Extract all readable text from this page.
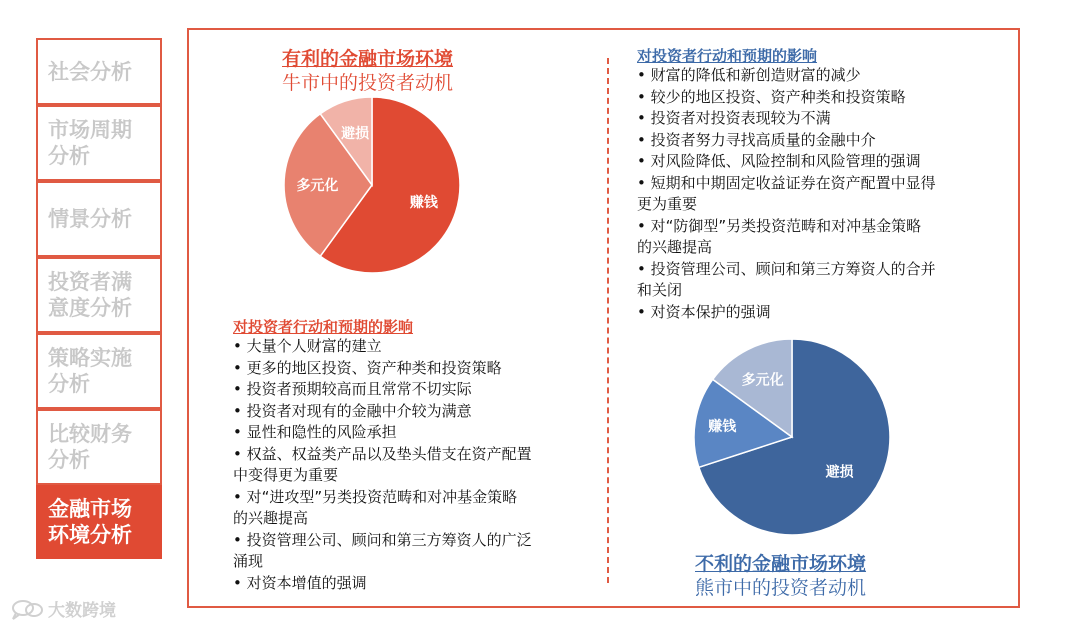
社会分析
市场周期分析
情景分析
投资者满意度分析
策略实施分析
比较财务分析
金融市场环境分析
有利的金融市场环境
牛市中的投资者动机
赚钱
多元化
避损
对投资者行动和预期的影响
• 大量个人财富的建立
• 更多的地区投资、资产种类和投资策略
• 投资者预期较高而且常常不切实际
• 投资者对现有的金融中介较为满意
• 显性和隐性的风险承担
• 权益、权益类产品以及垫头借支在资产配置
中变得更为重要
• 对“进攻型”另类投资范畴和对冲基金策略
的兴趣提高
• 投资管理公司、顾问和第三方筹资人的广泛
涌现
• 对资本增值的强调
对投资者行动和预期的影响
• 财富的降低和新创造财富的减少
• 较少的地区投资、资产种类和投资策略
• 投资者对投资表现较为不满
• 投资者努力寻找高质量的金融中介
• 对风险降低、风险控制和风险管理的强调
• 短期和中期固定收益证券在资产配置中显得
更为重要
• 对“防御型”另类投资范畴和对冲基金策略
的兴趣提高
• 投资管理公司、顾问和第三方筹资人的合并
和关闭
• 对资本保护的强调
避损
赚钱
多元化
不利的金融市场环境
熊市中的投资者动机
大数跨境
